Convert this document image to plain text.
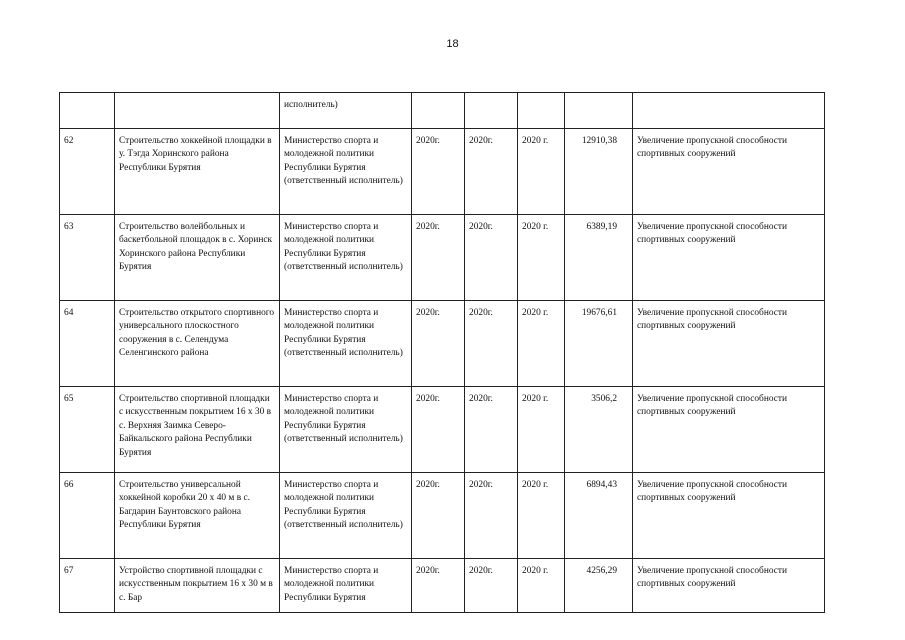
18
		исполнитель)					
62	Строительство хоккейной площадки в у. Тэгда Хоринского района Республики Бурятия	Министерство спорта и молодежной политики Республики Бурятия (ответственный исполнитель)	2020г.	2020г.	2020 г.	12910,38	Увеличение пропускной способности спортивных сооружений
63	Строительство волейбольных и баскетбольной площадок в с. Хоринск Хоринского района Республики Бурятия	Министерство спорта и молодежной политики Республики Бурятия (ответственный исполнитель)	2020г.	2020г.	2020 г.	6389,19	Увеличение пропускной способности спортивных сооружений
64	Строительство открытого спортивного универсального плоскостного сооружения в с. Селендума Селенгинского района	Министерство спорта и молодежной политики Республики Бурятия (ответственный исполнитель)	2020г.	2020г.	2020 г.	19676,61	Увеличение пропускной способности спортивных сооружений
65	Строительство спортивной площадки с искусственным покрытием 16 х 30 в с. Верхняя Заимка Северо-Байкальского района Республики Бурятия	Министерство спорта и молодежной политики Республики Бурятия (ответственный исполнитель)	2020г.	2020г.	2020 г.	3506,2	Увеличение пропускной способности спортивных сооружений
66	Строительство универсальной хоккейной коробки 20 х 40 м в с. Багдарин Баунтовского района Республики Бурятия	Министерство спорта и молодежной политики Республики Бурятия (ответственный исполнитель)	2020г.	2020г.	2020 г.	6894,43	Увеличение пропускной способности спортивных сооружений
67	Устройство спортивной площадки с искусственным покрытием 16 х 30 м в с. Бар	Министерство спорта и молодежной политики Республики Бурятия	2020г.	2020г.	2020 г.	4256,29	Увеличение пропускной способности спортивных сооружений
